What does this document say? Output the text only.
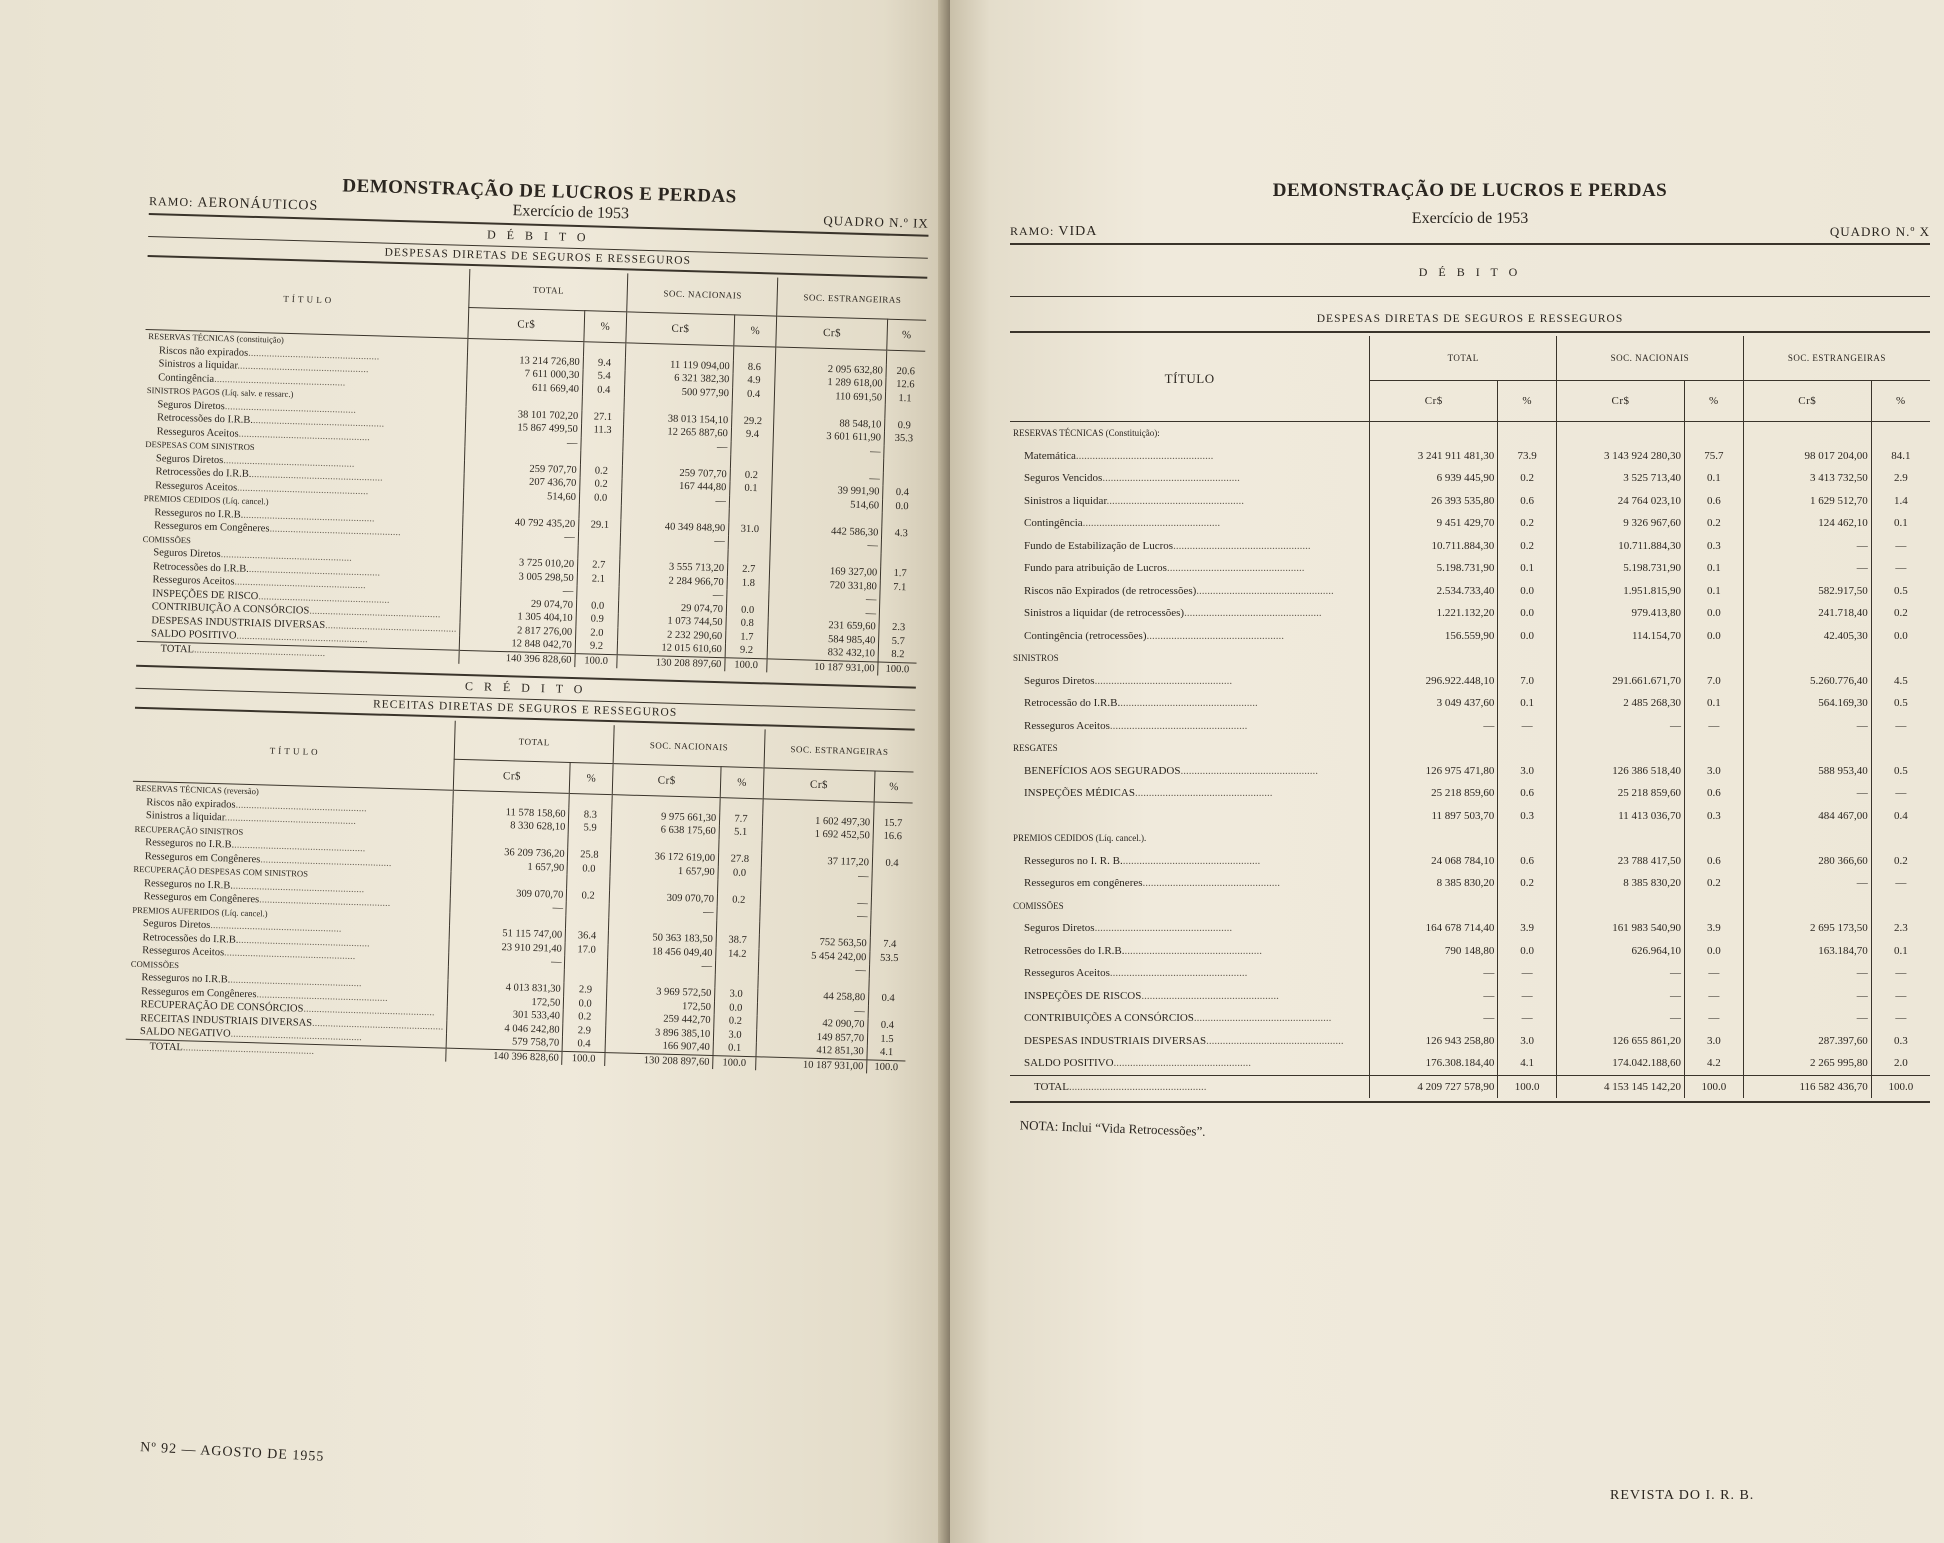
DEMONSTRAÇÃO DE LUCROS E PERDAS
RAMO: AERONÁUTICOS	Exercício de 1953	QUADRO N.º IX
D É B I T O
DESPESAS DIRETAS DE SEGUROS E RESSEGUROS
T Í T U L O	TOTAL		SOC. NACIONAIS		SOC. ESTRANGEIRAS	
	Cr$	%	Cr$	%	Cr$	%
RESERVAS TÉCNICAS (constituição)						
Riscos não expirados..................................................	13 214 726,80	9.4	11 119 094,00	8.6	2 095 632,80	20.6
Sinistros a liquidar..................................................	7 611 000,30	5.4	6 321 382,30	4.9	1 289 618,00	12.6
Contingência..................................................	611 669,40	0.4	500 977,90	0.4	110 691,50	1.1
SINISTROS PAGOS (Líq. salv. e ressarc.)						
Seguros Diretos..................................................	38 101 702,20	27.1	38 013 154,10	29.2	88 548,10	0.9
Retrocessões do I.R.B...................................................	15 867 499,50	11.3	12 265 887,60	9.4	3 601 611,90	35.3
Resseguros Aceitos..................................................	—		—		—	
DESPESAS COM SINISTROS						
Seguros Diretos..................................................	259 707,70	0.2	259 707,70	0.2	—	
Retrocessões do I.R.B...................................................	207 436,70	0.2	167 444,80	0.1	39 991,90	0.4
Resseguros Aceitos..................................................	514,60	0.0	—		514,60	0.0
PREMIOS CEDIDOS (Líq. cancel.)						
Resseguros no I.R.B...................................................	40 792 435,20	29.1	40 349 848,90	31.0	442 586,30	4.3
Resseguros em Congêneres..................................................	—		—		—	
COMISSÕES						
Seguros Diretos..................................................	3 725 010,20	2.7	3 555 713,20	2.7	169 327,00	1.7
Retrocessões do I.R.B...................................................	3 005 298,50	2.1	2 284 966,70	1.8	720 331,80	7.1
Resseguros Aceitos..................................................	—		—		—	
INSPEÇÕES DE RISCO..................................................	29 074,70	0.0	29 074,70	0.0	—	
CONTRIBUIÇÃO A CONSÓRCIOS..................................................	1 305 404,10	0.9	1 073 744,50	0.8	231 659,60	2.3
DESPESAS INDUSTRIAIS DIVERSAS..................................................	2 817 276,00	2.0	2 232 290,60	1.7	584 985,40	5.7
SALDO POSITIVO..................................................	12 848 042,70	9.2	12 015 610,60	9.2	832 432,10	8.2
TOTAL..................................................	140 396 828,60	100.0	130 208 897,60	100.0	10 187 931,00	100.0
C R É D I T O
RECEITAS DIRETAS DE SEGUROS E RESSEGUROS
T Í T U L O	TOTAL		SOC. NACIONAIS		SOC. ESTRANGEIRAS	
	Cr$	%	Cr$	%	Cr$	%
RESERVAS TÉCNICAS (reversão)						
Riscos não expirados..................................................	11 578 158,60	8.3	9 975 661,30	7.7	1 602 497,30	15.7
Sinistros a liquidar..................................................	8 330 628,10	5.9	6 638 175,60	5.1	1 692 452,50	16.6
RECUPERAÇÃO SINISTROS						
Resseguros no I.R.B...................................................	36 209 736,20	25.8	36 172 619,00	27.8	37 117,20	0.4
Resseguros em Congêneres..................................................	1 657,90	0.0	1 657,90	0.0	—	
RECUPERAÇÃO DESPESAS COM SINISTROS						
Resseguros no I.R.B...................................................	309 070,70	0.2	309 070,70	0.2	—	
Resseguros em Congêneres..................................................	—		—		—	
PREMIOS AUFERIDOS (Líq. cancel.)						
Seguros Diretos..................................................	51 115 747,00	36.4	50 363 183,50	38.7	752 563,50	7.4
Retrocessões do I.R.B...................................................	23 910 291,40	17.0	18 456 049,40	14.2	5 454 242,00	53.5
Resseguros Aceitos..................................................	—		—		—	
COMISSÕES						
Resseguros no I.R.B...................................................	4 013 831,30	2.9	3 969 572,50	3.0	44 258,80	0.4
Resseguros em Congêneres..................................................	172,50	0.0	172,50	0.0	—	
RECUPERAÇÃO DE CONSÓRCIOS..................................................	301 533,40	0.2	259 442,70	0.2	42 090,70	0.4
RECEITAS INDUSTRIAIS DIVERSAS..................................................	4 046 242,80	2.9	3 896 385,10	3.0	149 857,70	1.5
SALDO NEGATIVO..................................................	579 758,70	0.4	166 907,40	0.1	412 851,30	4.1
TOTAL..................................................	140 396 828,60	100.0	130 208 897,60	100.0	10 187 931,00	100.0
Nº 92 — AGOSTO DE 1955
DEMONSTRAÇÃO DE LUCROS E PERDAS
Exercício de 1953
RAMO: VIDA	QUADRO N.º X
D É B I T O
DESPESAS DIRETAS DE SEGUROS E RESSEGUROS
TÍTULO	TOTAL		SOC. NACIONAIS		SOC. ESTRANGEIRAS	
	Cr$	%	Cr$	%	Cr$	%
RESERVAS TÉCNICAS (Constituição):						
Matemática..................................................	3 241 911 481,30	73.9	3 143 924 280,30	75.7	98 017 204,00	84.1
Seguros Vencidos..................................................	6 939 445,90	0.2	3 525 713,40	0.1	3 413 732,50	2.9
Sinistros a liquidar..................................................	26 393 535,80	0.6	24 764 023,10	0.6	1 629 512,70	1.4
Contingência..................................................	9 451 429,70	0.2	9 326 967,60	0.2	124 462,10	0.1
Fundo de Estabilização de Lucros..................................................	10.711.884,30	0.2	10.711.884,30	0.3	—	—
Fundo para atribuição de Lucros..................................................	5.198.731,90	0.1	5.198.731,90	0.1	—	—
Riscos não Expirados (de retrocessões)..................................................	2.534.733,40	0.0	1.951.815,90	0.1	582.917,50	0.5
Sinistros a liquidar (de retrocessões)..................................................	1.221.132,20	0.0	979.413,80	0.0	241.718,40	0.2
Contingência (retrocessões)..................................................	156.559,90	0.0	114.154,70	0.0	42.405,30	0.0
SINISTROS						
Seguros Diretos..................................................	296.922.448,10	7.0	291.661.671,70	7.0	5.260.776,40	4.5
Retrocessão do I.R.B...................................................	3 049 437,60	0.1	2 485 268,30	0.1	564.169,30	0.5
Resseguros Aceitos..................................................	—	—	—	—	—	—
RESGATES						
BENEFÍCIOS AOS SEGURADOS..................................................	126 975 471,80	3.0	126 386 518,40	3.0	588 953,40	0.5
INSPEÇÕES MÉDICAS..................................................	25 218 859,60	0.6	25 218 859,60	0.6	—	—
	11 897 503,70	0.3	11 413 036,70	0.3	484 467,00	0.4
PREMIOS CEDIDOS (Líq. cancel.).						
Resseguros no I. R. B...................................................	24 068 784,10	0.6	23 788 417,50	0.6	280 366,60	0.2
Resseguros em congêneres..................................................	8 385 830,20	0.2	8 385 830,20	0.2	—	—
COMISSÕES						
Seguros Diretos..................................................	164 678 714,40	3.9	161 983 540,90	3.9	2 695 173,50	2.3
Retrocessões do I.R.B...................................................	790 148,80	0.0	626.964,10	0.0	163.184,70	0.1
Resseguros Aceitos..................................................	—	—	—	—	—	—
INSPEÇÕES DE RISCOS..................................................	—	—	—	—	—	—
CONTRIBUIÇÕES A CONSÓRCIOS..................................................	—	—	—	—	—	—
DESPESAS INDUSTRIAIS DIVERSAS..................................................	126 943 258,80	3.0	126 655 861,20	3.0	287.397,60	0.3
SALDO POSITIVO..................................................	176.308.184,40	4.1	174.042.188,60	4.2	2 265 995,80	2.0
TOTAL..................................................	4 209 727 578,90	100.0	4 153 145 142,20	100.0	116 582 436,70	100.0
NOTA: Inclui “Vida Retrocessões”.
REVISTA DO I. R. B.
